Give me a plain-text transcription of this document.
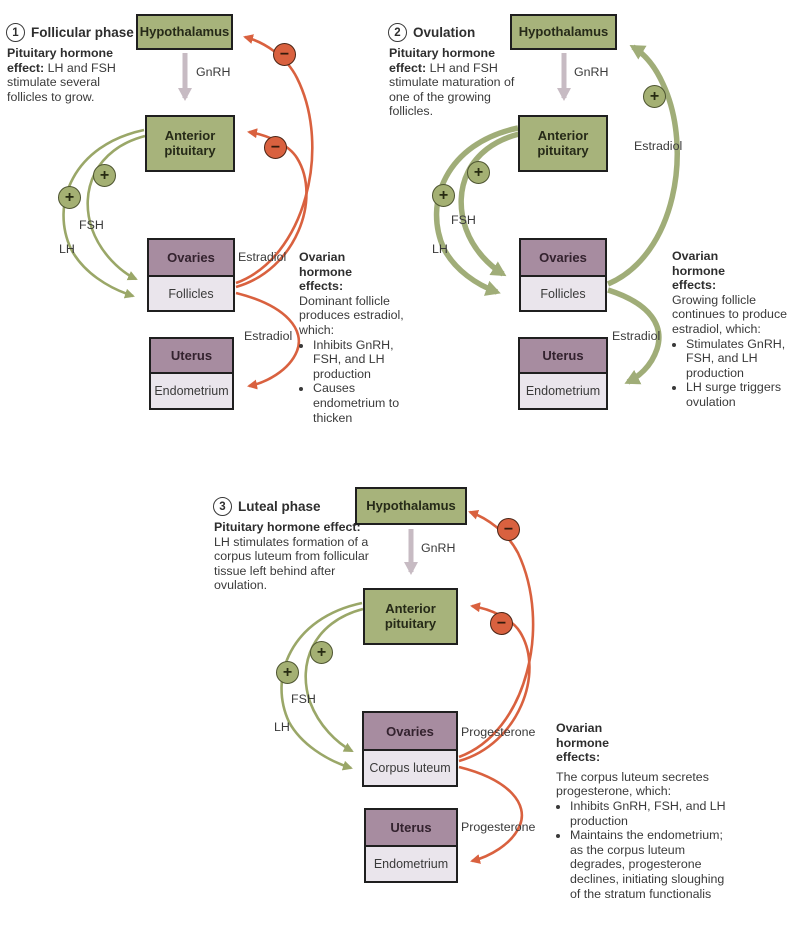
1 Follicular phase

Pituitary hormone effect: LH and FSH stimulate several follicles to grow.

Hypothalamus
Anterior pituitary
Ovaries
Follicles
Uterus
Endometrium
GnRH
FSH
LH
Estradiol
Estradiol
+
+
−
−
Ovarian hormone effects:

Dominant follicle produces estradiol, which:

• Inhibits GnRH, FSH, and LH production
• Causes endometrium to thicken
2 Ovulation

Pituitary hormone effect: LH and FSH stimulate maturation of one of the growing follicles.

Hypothalamus
Anterior pituitary
Ovaries
Follicles
Uterus
Endometrium
GnRH
FSH
LH
Estradiol
Estradiol
+
+
+
Ovarian hormone effects:

Growing follicle continues to produce estradiol, which:

• Stimulates GnRH, FSH, and LH production
• LH surge triggers ovulation
3 Luteal phase

Pituitary hormone effect: LH stimulates formation of a corpus luteum from follicular tissue left behind after ovulation.

Hypothalamus
Anterior pituitary
Ovaries
Corpus luteum
Uterus
Endometrium
GnRH
FSH
LH	Progesterone
Progesterone
+
+
−
−
Ovarian hormone effects:

The corpus luteum secretes progesterone, which:

• Inhibits GnRH, FSH, and LH production
• Maintains the endometrium; as the corpus luteum degrades, progesterone declines, initiating sloughing of the stratum functionalis
